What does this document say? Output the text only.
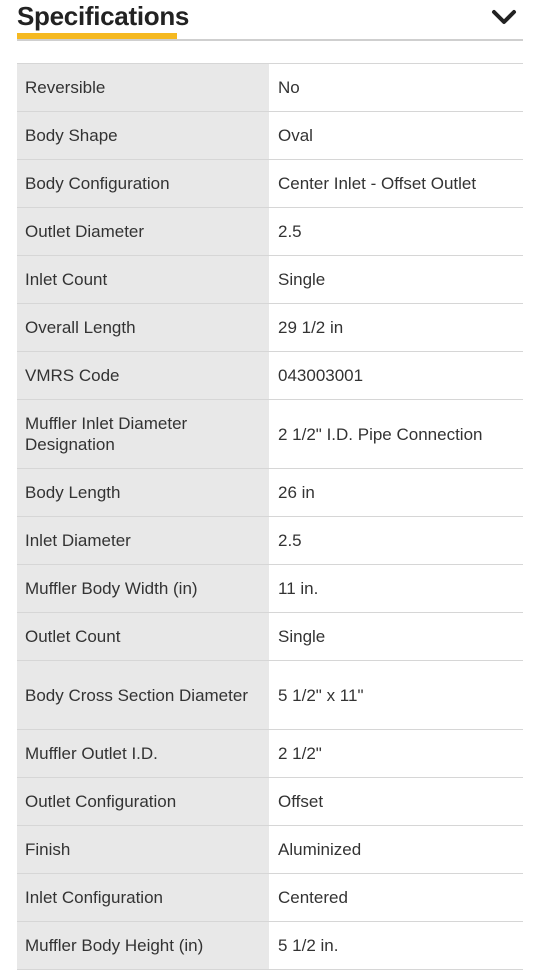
Specifications
Reversible	No
Body Shape	Oval
Body Configuration	Center Inlet - Offset Outlet
Outlet Diameter	2.5
Inlet Count	Single
Overall Length	29 1/2 in
VMRS Code	043003001
Muffler Inlet Diameter Designation	2 1/2" I.D. Pipe Connection
Body Length	26 in
Inlet Diameter	2.5
Muffler Body Width (in)	11 in.
Outlet Count	Single
Body Cross Section Diameter	5 1/2" x 11"
Muffler Outlet I.D.	2 1/2"
Outlet Configuration	Offset
Finish	Aluminized
Inlet Configuration	Centered
Muffler Body Height (in)	5 1/2 in.
